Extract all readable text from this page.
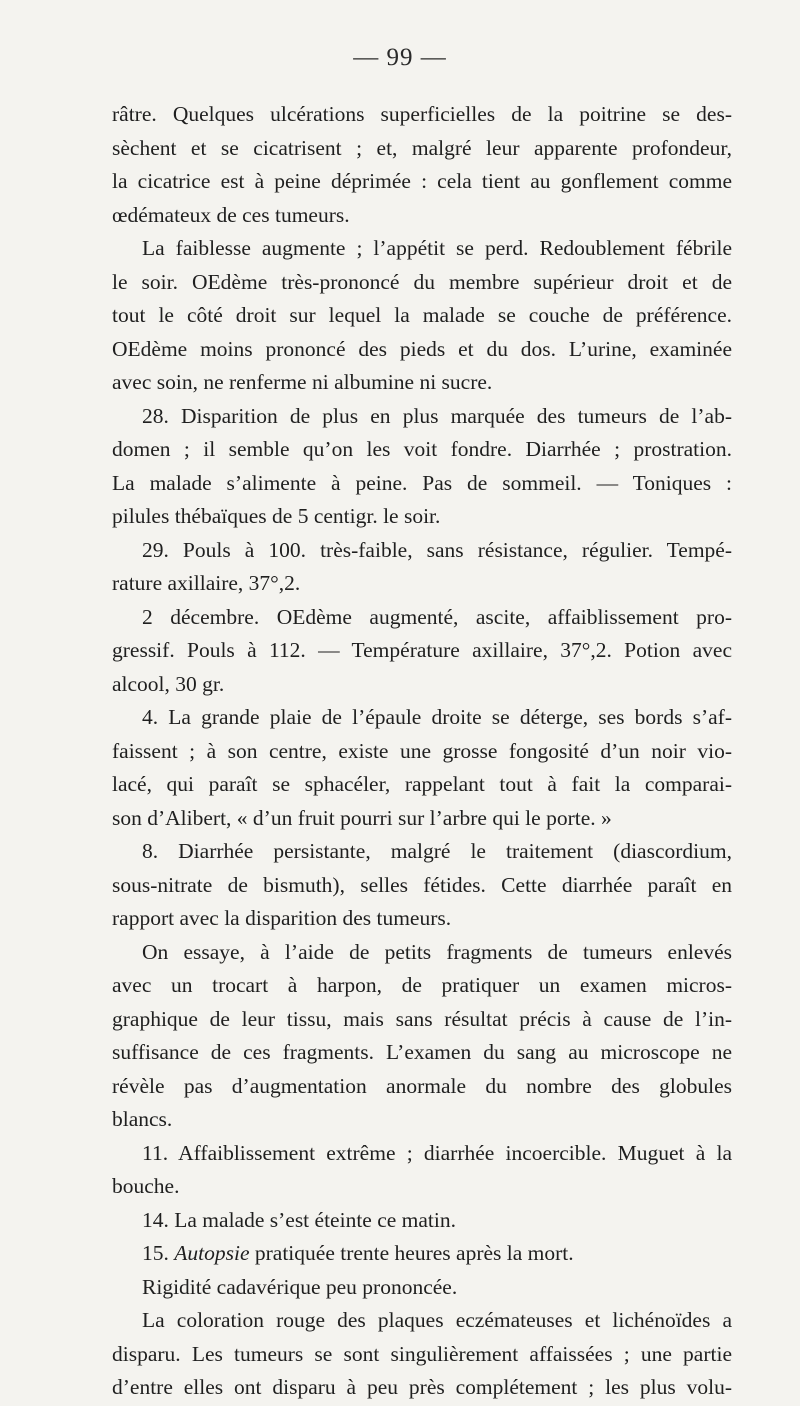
— 99 —
râtre. Quelques ulcérations superficielles de la poitrine se des-
sèchent et se cicatrisent ; et, malgré leur apparente profondeur,
la cicatrice est à peine déprimée : cela tient au gonflement comme
œdémateux de ces tumeurs.
La faiblesse augmente ; l’appétit se perd. Redoublement fébrile
le soir. OEdème très-prononcé du membre supérieur droit et de
tout le côté droit sur lequel la malade se couche de préférence.
OEdème moins prononcé des pieds et du dos. L’urine, examinée
avec soin, ne renferme ni albumine ni sucre.
28. Disparition de plus en plus marquée des tumeurs de l’ab-
domen ; il semble qu’on les voit fondre. Diarrhée ; prostration.
La malade s’alimente à peine. Pas de sommeil. — Toniques :
pilules thébaïques de 5 centigr. le soir.
29. Pouls à 100. très-faible, sans résistance, régulier. Tempé-
rature axillaire, 37°,2.
2 décembre. OEdème augmenté, ascite, affaiblissement pro-
gressif. Pouls à 112. — Température axillaire, 37°,2. Potion avec
alcool, 30 gr.
4. La grande plaie de l’épaule droite se déterge, ses bords s’af-
faissent ; à son centre, existe une grosse fongosité d’un noir vio-
lacé, qui paraît se sphacéler, rappelant tout à fait la comparai-
son d’Alibert, « d’un fruit pourri sur l’arbre qui le porte. »
8. Diarrhée persistante, malgré le traitement (diascordium,
sous-nitrate de bismuth), selles fétides. Cette diarrhée paraît en
rapport avec la disparition des tumeurs.
On essaye, à l’aide de petits fragments de tumeurs enlevés
avec un trocart à harpon, de pratiquer un examen micros-
graphique de leur tissu, mais sans résultat précis à cause de l’in-
suffisance de ces fragments. L’examen du sang au microscope ne
révèle pas d’augmentation anormale du nombre des globules
blancs.
11. Affaiblissement extrême ; diarrhée incoercible. Muguet à la
bouche.
14. La malade s’est éteinte ce matin.
15. Autopsie pratiquée trente heures après la mort.
Rigidité cadavérique peu prononcée.
La coloration rouge des plaques eczémateuses et lichénoïdes a
disparu. Les tumeurs se sont singulièrement affaissées ; une partie
d’entre elles ont disparu à peu près complétement ; les plus volu-
